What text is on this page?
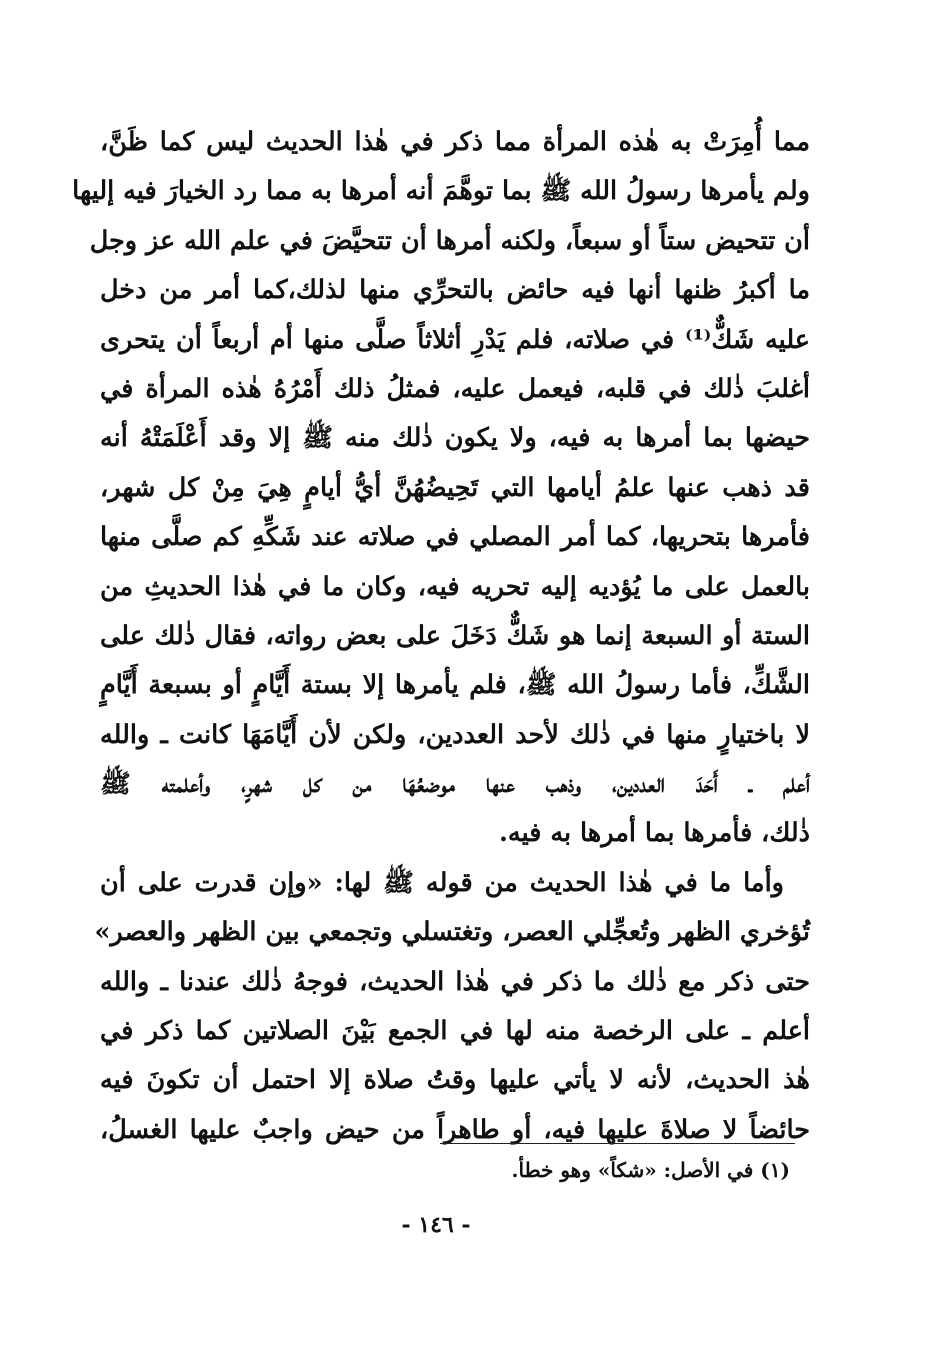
مما أُمِرَتْ به هٰذه المرأة مما ذكر في هٰذا الحديث ليس كما ظَنَّ،
ولم يأمرها رسولُ الله ﷺ بما توهَّمَ أنه أمرها به مما رد الخيارَ فيه إليها
أن تتحيض ستاً أو سبعاً، ولكنه أمرها أن تتحيَّضَ في علم الله عز وجل
ما أكبرُ ظنها أنها فيه حائض بالتحرِّي منها لذلك،كما أمر من دخل
عليه شَكٌّ⁽¹⁾ في صلاته، فلم يَدْرِ أثلاثاً صلَّى منها أم أربعاً أن يتحرى
أغلبَ ذٰلك في قلبه، فيعمل عليه، فمثلُ ذلك أَمْرُهُ هٰذه المرأة في
حيضها بما أمرها به فيه، ولا يكون ذٰلك منه ﷺ إلا وقد أَعْلَمَتْهُ أنه
قد ذهب عنها علمُ أيامها التي تَحِيضُهُنَّ أيُّ أيامٍ هِيَ مِنْ كل شهر،
فأمرها بتحريها، كما أمر المصلي في صلاته عند شَكِّهِ كم صلَّى منها
بالعمل على ما يُؤديه إليه تحريه فيه، وكان ما في هٰذا الحديثِ من
الستة أو السبعة إنما هو شَكٌّ دَخَلَ على بعض رواته، فقال ذٰلك على
الشَّكِّ، فأما رسولُ الله ﷺ، فلم يأمرها إلا بستة أَيَّامٍ أو بسبعة أَيَّامٍ
لا باختيارٍ منها في ذٰلك لأحد العددين، ولكن لأن أَيَّامَهَا كانت ـ والله
أعلم ـ أَحَدَ العددين، وذهب عنها موضعُهَا من كل شهرٍ، وأعلمته ﷺ
ذٰلك، فأمرها بما أمرها به فيه.
وأما ما في هٰذا الحديث من قوله ﷺ لها: «وإن قدرت على أن
تُؤخري الظهر وتُعجِّلي العصر، وتغتسلي وتجمعي بين الظهر والعصر»
حتى ذكر مع ذٰلك ما ذكر في هٰذا الحديث، فوجهُ ذٰلك عندنا ـ والله
أعلم ـ على الرخصة منه لها في الجمع بَيْنَ الصلاتين كما ذكر في
هٰذ الحديث، لأنه لا يأتي عليها وقتُ صلاة إلا احتمل أن تكونَ فيه
حائضاً لا صلاةَ عليها فيه، أو طاهراً من حيض واجبٌ عليها الغسلُ،
(١) في الأصل: «شكاً» وهو خطأ.
- ١٤٦ -
